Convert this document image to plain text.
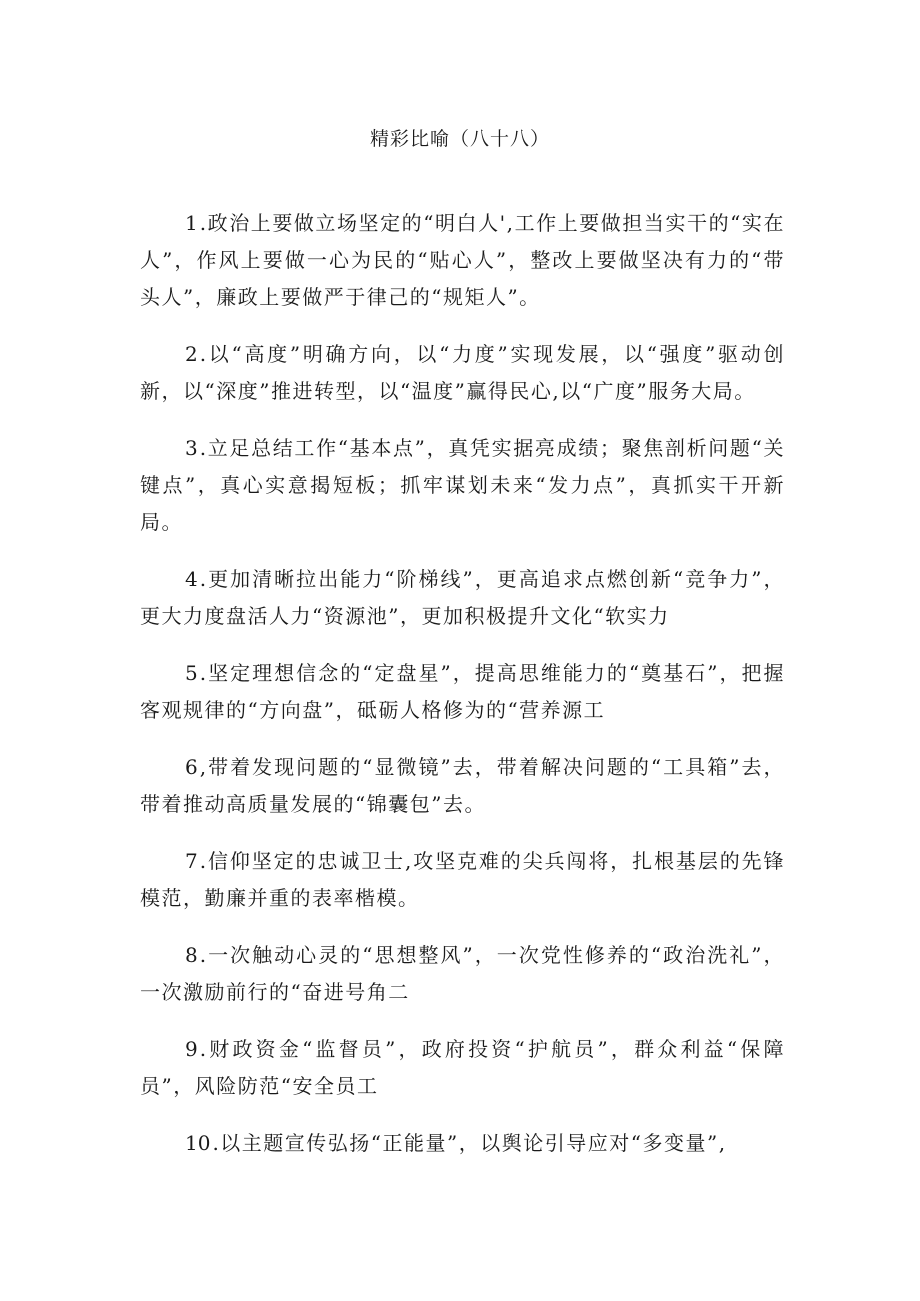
精彩比喻（八十八）

1 .政治上要做立场坚定的“明白人',工作上要做担当实干的“实在人”，作风上要做一心为民的“贴心人”，整改上要做坚决有力的“带头人”，廉政上要做严于律己的“规矩人”。

2 .以“高度”明确方向，以“力度”实现发展，以“强度”驱动创新，以“深度”推进转型，以“温度”赢得民心,以“广度”服务大局。

3 .立足总结工作“基本点”，真凭实据亮成绩；聚焦剖析问题“关键点”，真心实意揭短板；抓牢谋划未来“发力点”，真抓实干开新局。

4 .更加清晰拉出能力“阶梯线”，更高追求点燃创新“竞争力”，更大力度盘活人力“资源池”，更加积极提升文化“软实力

5 .坚定理想信念的“定盘星”，提高思维能力的“奠基石”，把握客观规律的“方向盘”，砥砺人格修为的“营养源工

6 ,带着发现问题的“显微镜”去，带着解决问题的“工具箱”去，带着推动高质量发展的“锦囊包”去。

7 .信仰坚定的忠诚卫士,攻坚克难的尖兵闯将，扎根基层的先锋模范，勤廉并重的表率楷模。

8 .一次触动心灵的“思想整风”，一次党性修养的“政治洗礼”，一次激励前行的“奋进号角二

9 .财政资金“监督员”，政府投资“护航员”，群众利益“保障员”，风险防范“安全员工

10 .以主题宣传弘扬“正能量”，以舆论引导应对“多变量”,
